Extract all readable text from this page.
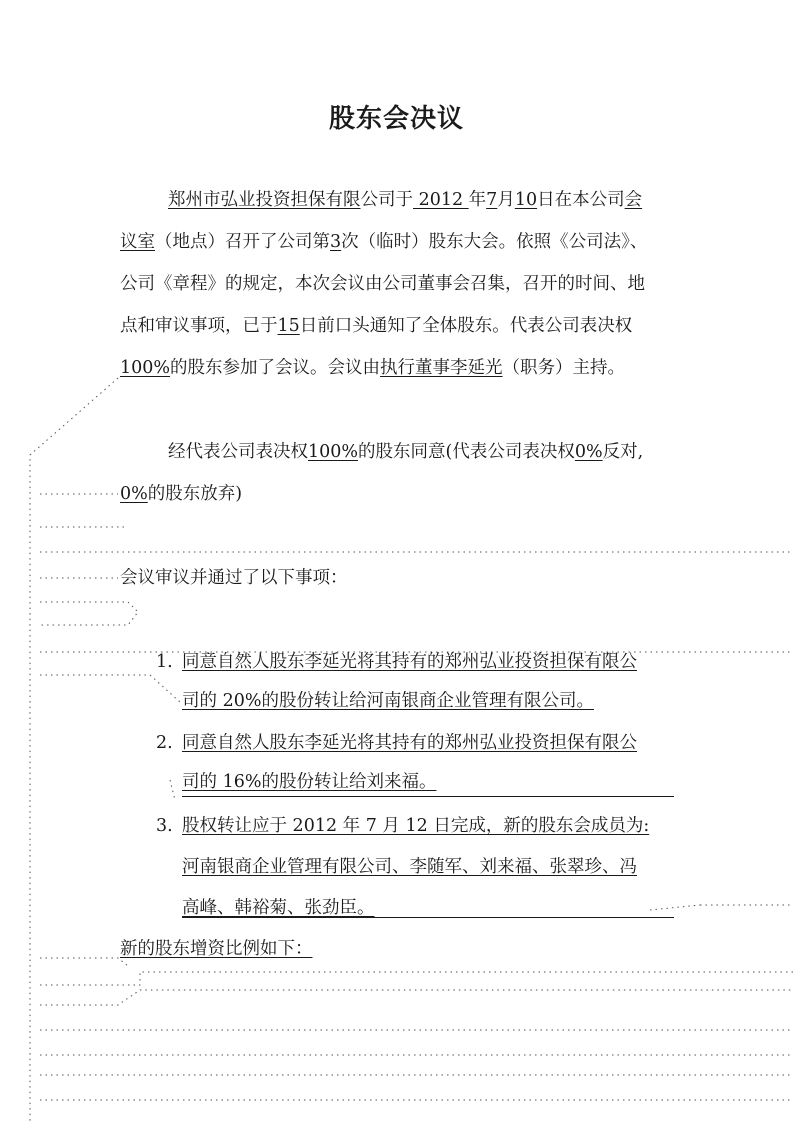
股东会决议
郑州市弘业投资担保有限公司于 2012 年7月10日在本公司会
议室（地点）召开了公司第3次（临时）股东大会。依照《公司法》、
公司《章程》的规定，本次会议由公司董事会召集，召开的时间、地
点和审议事项，已于15日前口头通知了全体股东。代表公司表决权
100%的股东参加了会议。会议由执行董事李延光（职务）主持。
经代表公司表决权100%的股东同意(代表公司表决权0%反对,
0%的股东放弃)
会议审议并通过了以下事项：
1. 同意自然人股东李延光将其持有的郑州弘业投资担保有限公
司的 20%的股份转让给河南银商企业管理有限公司。
2. 同意自然人股东李延光将其持有的郑州弘业投资担保有限公
司的 16%的股份转让给刘来福。
3. 股权转让应于 2012 年 7 月 12 日完成，新的股东会成员为:
河南银商企业管理有限公司、李随军、刘来福、张翠珍、冯
高峰、韩裕菊、张劲臣。
新的股东增资比例如下：
